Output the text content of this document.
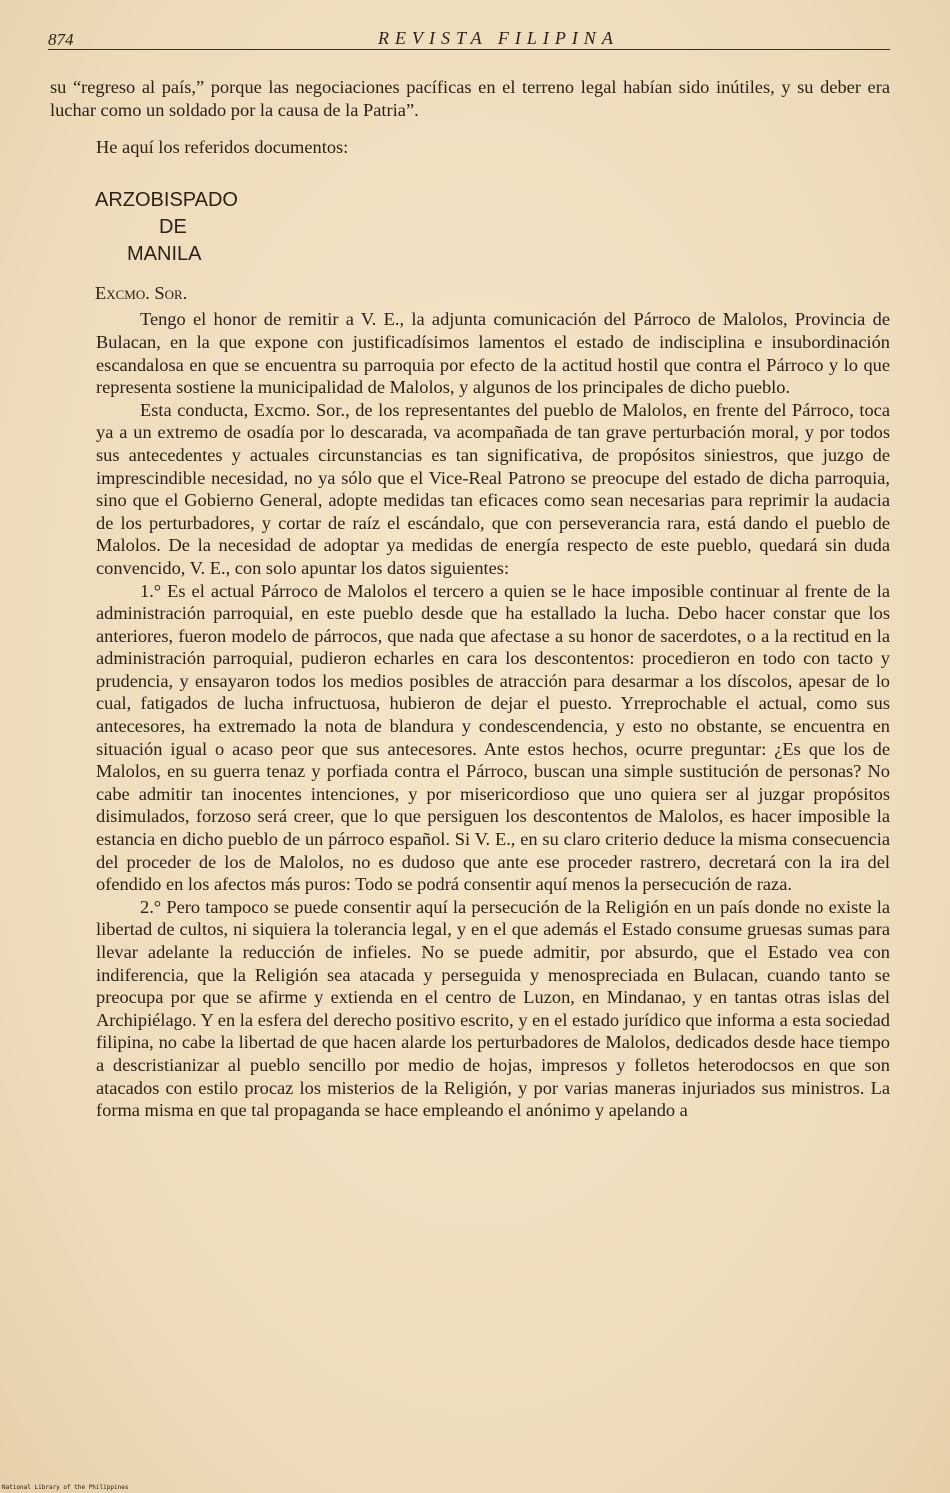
874	REVISTA FILIPINA

su “regreso al país,” porque las negociaciones pacíficas en el terreno legal habían sido inútiles, y su deber era luchar como un soldado por la causa de la Patria”.

He aquí los referidos documentos:

ARZOBISPADO
DE
MANILA

Excmo. Sor.

Tengo el honor de remitir a V. E., la adjunta comunicación del Párroco de Malolos, Provincia de Bulacan, en la que expone con justificadísimos lamentos el estado de indisciplina e insubordinación escandalosa en que se encuentra su parroquia por efecto de la actitud hostil que contra el Párroco y lo que representa sostiene la municipalidad de Malolos, y algunos de los principales de dicho pueblo.

Esta conducta, Excmo. Sor., de los representantes del pueblo de Malolos, en frente del Párroco, toca ya a un extremo de osadía por lo descarada, va acompañada de tan grave perturbación moral, y por todos sus antecedentes y actuales circunstancias es tan significativa, de propósitos siniestros, que juzgo de imprescindible necesidad, no ya sólo que el Vice-Real Patrono se preocupe del estado de dicha parroquia, sino que el Gobierno General, adopte medidas tan eficaces como sean necesarias para reprimir la audacia de los perturbadores, y cortar de raíz el escándalo, que con perseverancia rara, está dando el pueblo de Malolos. De la necesidad de adoptar ya medidas de energía respecto de este pueblo, quedará sin duda convencido, V. E., con solo apuntar los datos siguientes:

1.° Es el actual Párroco de Malolos el tercero a quien se le hace imposible continuar al frente de la administración parroquial, en este pueblo desde que ha estallado la lucha. Debo hacer constar que los anteriores, fueron modelo de párrocos, que nada que afectase a su honor de sacerdotes, o a la rectitud en la administración parroquial, pudieron echarles en cara los descontentos: procedieron en todo con tacto y prudencia, y ensayaron todos los medios posibles de atracción para desarmar a los díscolos, apesar de lo cual, fatigados de lucha infructuosa, hubieron de dejar el puesto. Yrreprochable el actual, como sus antecesores, ha extremado la nota de blandura y condescendencia, y esto no obstante, se encuentra en situación igual o acaso peor que sus antecesores. Ante estos hechos, ocurre preguntar: ¿Es que los de Malolos, en su guerra tenaz y porfiada contra el Párroco, buscan una simple sustitución de personas? No cabe admitir tan inocentes intenciones, y por misericordioso que uno quiera ser al juzgar propósitos disimulados, forzoso será creer, que lo que persiguen los descontentos de Malolos, es hacer imposible la estancia en dicho pueblo de un párroco español. Si V. E., en su claro criterio deduce la misma consecuencia del proceder de los de Malolos, no es dudoso que ante ese proceder rastrero, decretará con la ira del ofendido en los afectos más puros: Todo se podrá consentir aquí menos la persecución de raza.

2.° Pero tampoco se puede consentir aquí la persecución de la Religión en un país donde no existe la libertad de cultos, ni siquiera la tolerancia legal, y en el que además el Estado consume gruesas sumas para llevar adelante la reducción de infieles. No se puede admitir, por absurdo, que el Estado vea con indiferencia, que la Religión sea atacada y perseguida y menospreciada en Bulacan, cuando tanto se preocupa por que se afirme y extienda en el centro de Luzon, en Mindanao, y en tantas otras islas del Archipiélago. Y en la esfera del derecho positivo escrito, y en el estado jurídico que informa a esta sociedad filipina, no cabe la libertad de que hacen alarde los perturbadores de Malolos, dedicados desde hace tiempo a descristianizar al pueblo sencillo por medio de hojas, impresos y folletos heterodocsos en que son atacados con estilo procaz los misterios de la Religión, y por varias maneras injuriados sus ministros. La forma misma en que tal propaganda se hace empleando el anónimo y apelando a

National Library of the Philippines
